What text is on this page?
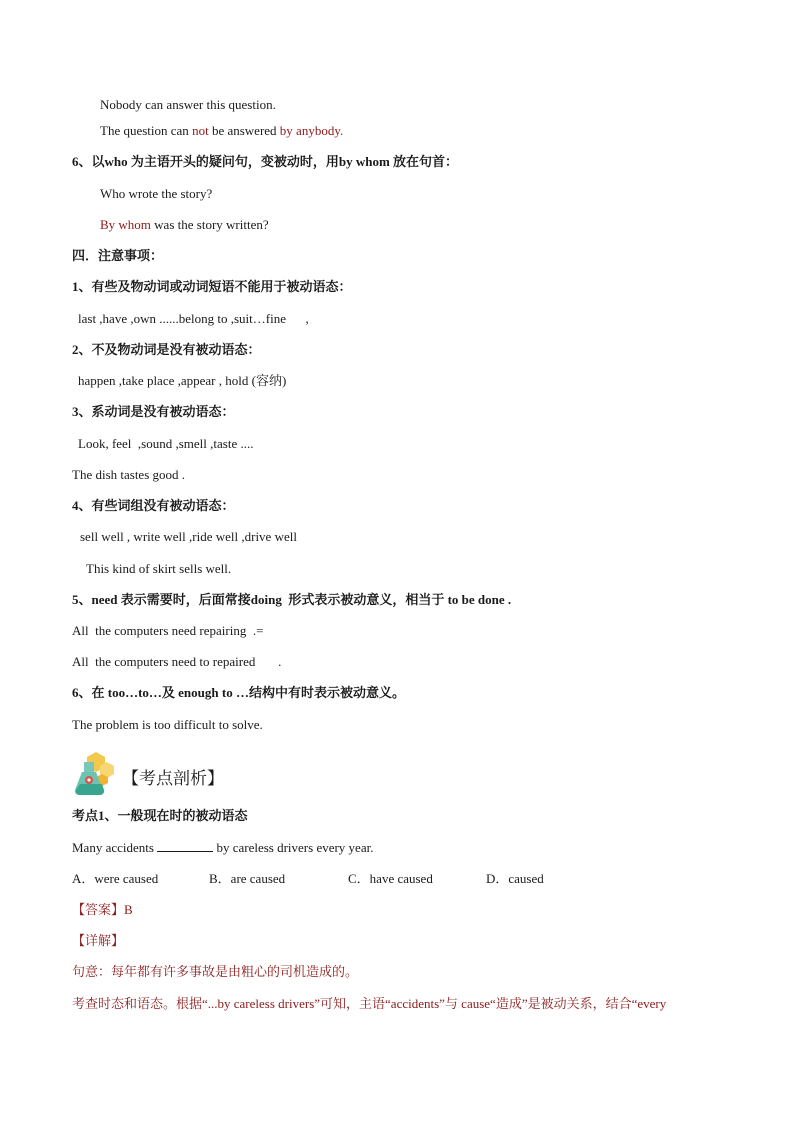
Nobody can answer this question.
The question can not be answered by anybody.
6、以who 为主语开头的疑问句，变被动时，用by whom 放在句首：
Who wrote the story?
By whom was the story written?
四．注意事项：
1、有些及物动词或动词短语不能用于被动语态：
last ,have ,own ......belong to ,suit…fine      ,
2、不及物动词是没有被动语态：
happen ,take place ,appear , hold (容纳)
3、系动词是没有被动语态：
Look, feel  ,sound ,smell ,taste ....
The dish tastes good .
4、有些词组没有被动语态：
sell well , write well ,ride well ,drive well
This kind of skirt sells well.
5、need 表示需要时，后面常接doing  形式表示被动意义，相当于 to be done .
All  the computers need repairing  .=
All  the computers need to repaired       .
6、在 too…to…及 enough to …结构中有时表示被动意义。
The problem is too difficult to solve.
【考点剖析】
考点1、一般现在时的被动语态
Many accidents	by careless drivers every year.
A．were caused	B．are caused	C．have caused	D．caused
【答案】B
【详解】
句意：每年都有许多事故是由粗心的司机造成的。
考查时态和语态。根据“...by careless drivers”可知，主语“accidents”与 cause“造成”是被动关系，结合“every
